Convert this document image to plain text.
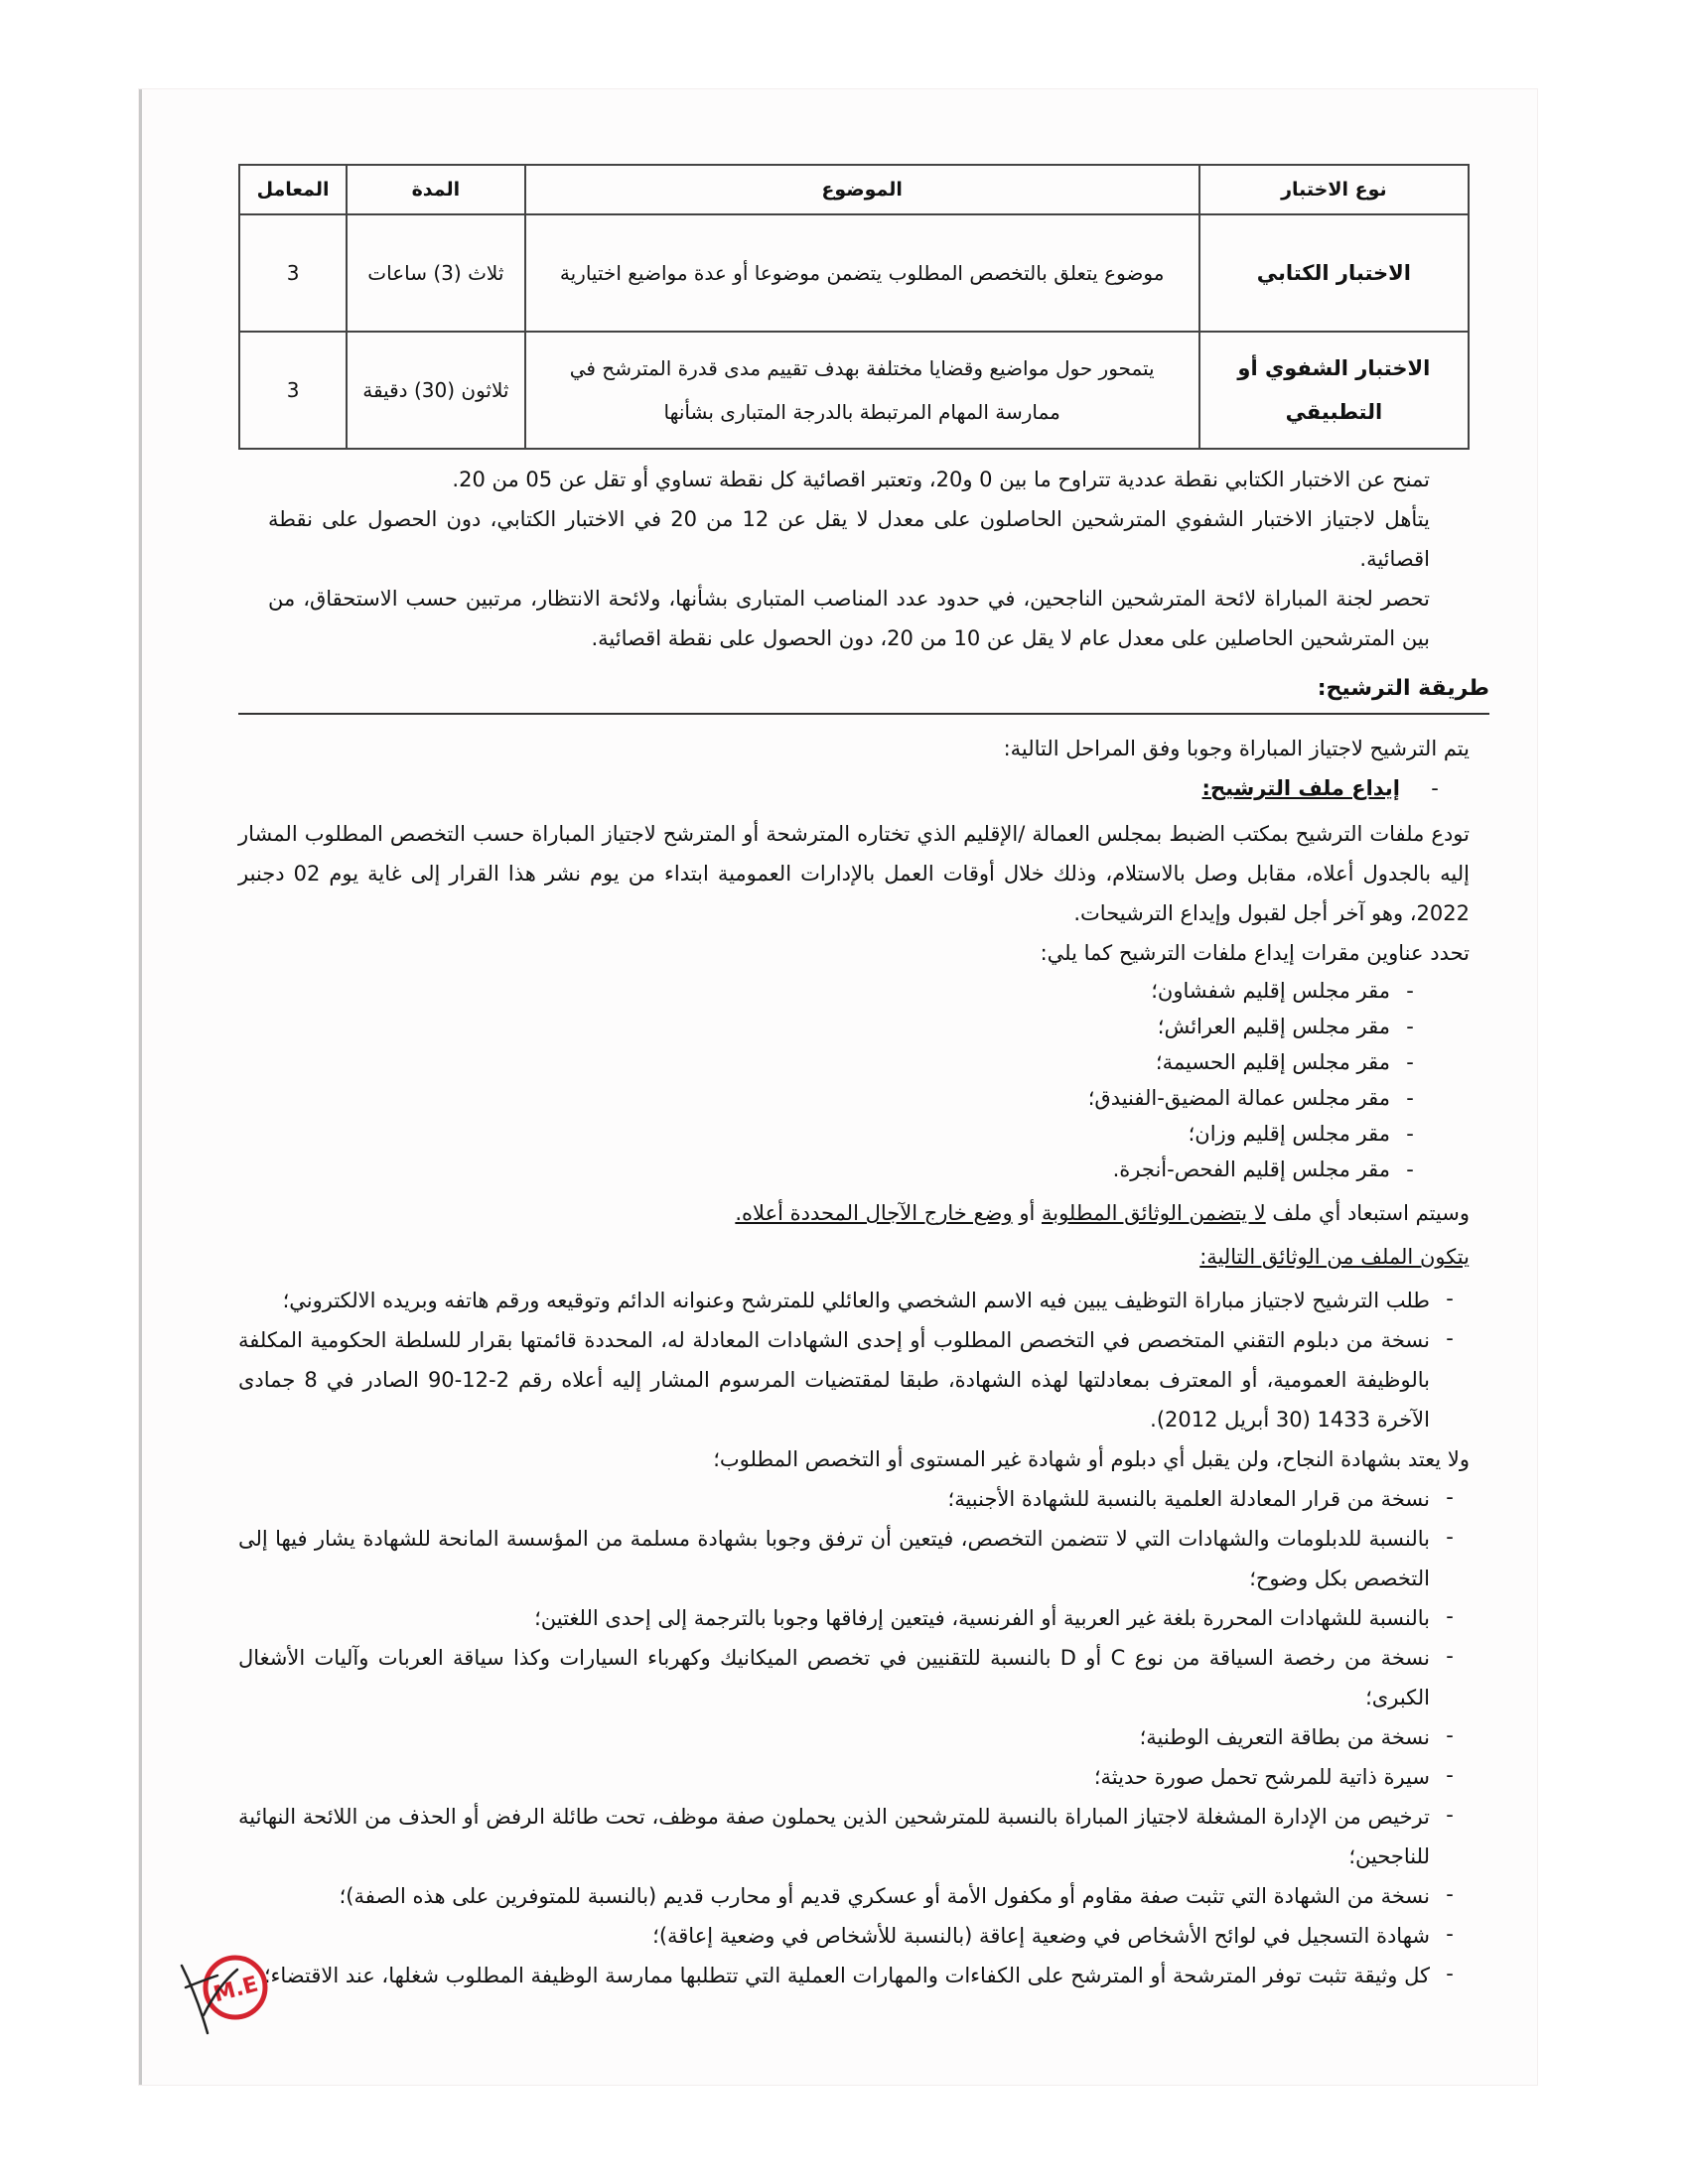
نوع الاختبار	الموضوع	المدة	المعامل
الاختبار الكتابي	موضوع يتعلق بالتخصص المطلوب يتضمن موضوعا أو عدة مواضيع اختيارية	ثلاث (3) ساعات	3
الاختبار الشفوي أو التطبيقي	يتمحور حول مواضيع وقضايا مختلفة بهدف تقييم مدى قدرة المترشح في ممارسة المهام المرتبطة بالدرجة المتبارى بشأنها	ثلاثون (30) دقيقة	3
تمنح عن الاختبار الكتابي نقطة عددية تتراوح ما بين 0 و20، وتعتبر اقصائية كل نقطة تساوي أو تقل عن 05 من 20.
يتأهل لاجتياز الاختبار الشفوي المترشحين الحاصلون على معدل لا يقل عن 12 من 20 في الاختبار الكتابي، دون الحصول على نقطة اقصائية.
تحصر لجنة المباراة لائحة المترشحين الناجحين، في حدود عدد المناصب المتبارى بشأنها، ولائحة الانتظار، مرتبين حسب الاستحقاق، من بين المترشحين الحاصلين على معدل عام لا يقل عن 10 من 20، دون الحصول على نقطة اقصائية.
طريقة الترشيح:
يتم الترشيح لاجتياز المباراة وجوبا وفق المراحل التالية:
-
إيداع ملف الترشيح:
تودع ملفات الترشيح بمكتب الضبط بمجلس العمالة /الإقليم الذي تختاره المترشحة أو المترشح لاجتياز المباراة حسب التخصص المطلوب المشار إليه بالجدول أعلاه، مقابل وصل بالاستلام، وذلك خلال أوقات العمل بالإدارات العمومية ابتداء من يوم نشر هذا القرار إلى غاية يوم 02 دجنبر 2022، وهو آخر أجل لقبول وإيداع الترشيحات.
تحدد عناوين مقرات إيداع ملفات الترشيح كما يلي:
-
مقر مجلس إقليم شفشاون؛
-
مقر مجلس إقليم العرائش؛
-
مقر مجلس إقليم الحسيمة؛
-
مقر مجلس عمالة المضيق-الفنيدق؛
-
مقر مجلس إقليم وزان؛
-
مقر مجلس إقليم الفحص-أنجرة.
وسيتم استبعاد أي ملف لا يتضمن الوثائق المطلوبة أو وضع خارج الآجال المحددة أعلاه.
يتكون الملف من الوثائق التالية:
-
طلب الترشيح لاجتياز مباراة التوظيف يبين فيه الاسم الشخصي والعائلي للمترشح وعنوانه الدائم وتوقيعه ورقم هاتفه وبريده الالكتروني؛
-
نسخة من دبلوم التقني المتخصص في التخصص المطلوب أو إحدى الشهادات المعادلة له، المحددة قائمتها بقرار للسلطة الحكومية المكلفة بالوظيفة العمومية، أو المعترف بمعادلتها لهذه الشهادة، طبقا لمقتضيات المرسوم المشار إليه أعلاه رقم 2-12-90 الصادر في 8 جمادى الآخرة 1433 (30 أبريل 2012).
ولا يعتد بشهادة النجاح، ولن يقبل أي دبلوم أو شهادة غير المستوى أو التخصص المطلوب؛
-
نسخة من قرار المعادلة العلمية بالنسبة للشهادة الأجنبية؛
-
بالنسبة للدبلومات والشهادات التي لا تتضمن التخصص، فيتعين أن ترفق وجوبا بشهادة مسلمة من المؤسسة المانحة للشهادة يشار فيها إلى التخصص بكل وضوح؛
-
بالنسبة للشهادات المحررة بلغة غير العربية أو الفرنسية، فيتعين إرفاقها وجوبا بالترجمة إلى إحدى اللغتين؛
-
نسخة من رخصة السياقة من نوع C أو D بالنسبة للتقنيين في تخصص الميكانيك وكهرباء السيارات وكذا سياقة العربات وآليات الأشغال الكبرى؛
-
نسخة من بطاقة التعريف الوطنية؛
-
سيرة ذاتية للمرشح تحمل صورة حديثة؛
-
ترخيص من الإدارة المشغلة لاجتياز المباراة بالنسبة للمترشحين الذين يحملون صفة موظف، تحت طائلة الرفض أو الحذف من اللائحة النهائية للناجحين؛
-
نسخة من الشهادة التي تثبت صفة مقاوم أو مكفول الأمة أو عسكري قديم أو محارب قديم (بالنسبة للمتوفرين على هذه الصفة)؛
-
شهادة التسجيل في لوائح الأشخاص في وضعية إعاقة (بالنسبة للأشخاص في وضعية إعاقة)؛
-
كل وثيقة تثبت توفر المترشحة أو المترشح على الكفاءات والمهارات العملية التي تتطلبها ممارسة الوظيفة المطلوب شغلها، عند الاقتضاء؛
M.E
